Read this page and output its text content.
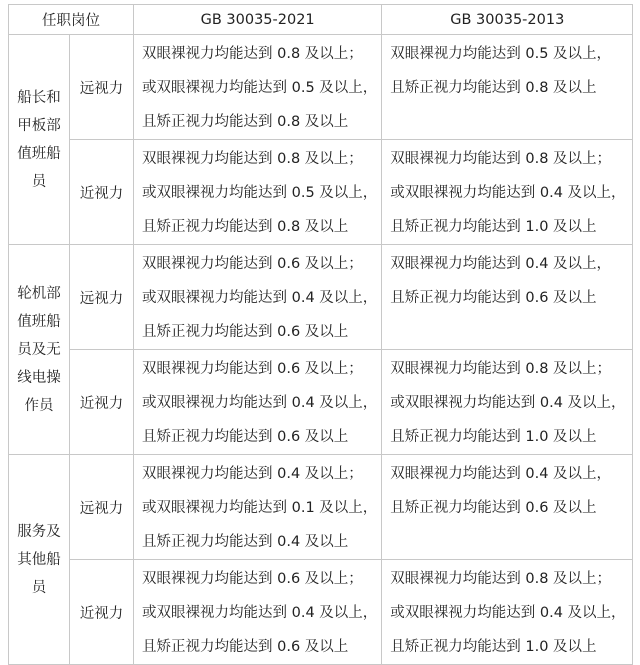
任职岗位		GB 30035-2021	GB 30035-2013

船长和
甲板部
值班船
员	远视力	双眼裸视力均能达到 0.8 及以上；
或双眼裸视力均能达到 0.5 及以上，
且矫正视力均能达到 0.8 及以上	双眼裸视力均能达到 0.5 及以上，
且矫正视力均能达到 0.8 及以上

	近视力	双眼裸视力均能达到 0.8 及以上；
或双眼裸视力均能达到 0.5 及以上，
且矫正视力均能达到 0.8 及以上	双眼裸视力均能达到 0.8 及以上；
或双眼裸视力均能达到 0.4 及以上，
且矫正视力均能达到 1.0 及以上

轮机部
值班船
员及无
线电操
作员	远视力	双眼裸视力均能达到 0.6 及以上；
或双眼裸视力均能达到 0.4 及以上，
且矫正视力均能达到 0.6 及以上	双眼裸视力均能达到 0.4 及以上，
且矫正视力均能达到 0.6 及以上

	近视力	双眼裸视力均能达到 0.6 及以上；
或双眼裸视力均能达到 0.4 及以上，
且矫正视力均能达到 0.6 及以上	双眼裸视力均能达到 0.8 及以上；
或双眼裸视力均能达到 0.4 及以上，
且矫正视力均能达到 1.0 及以上

服务及
其他船
员	远视力	双眼裸视力均能达到 0.4 及以上；
或双眼裸视力均能达到 0.1 及以上，
且矫正视力均能达到 0.4 及以上	双眼裸视力均能达到 0.4 及以上，
且矫正视力均能达到 0.6 及以上

	近视力	双眼裸视力均能达到 0.6 及以上；
或双眼裸视力均能达到 0.4 及以上，
且矫正视力均能达到 0.6 及以上	双眼裸视力均能达到 0.8 及以上；
或双眼裸视力均能达到 0.4 及以上，
且矫正视力均能达到 1.0 及以上
